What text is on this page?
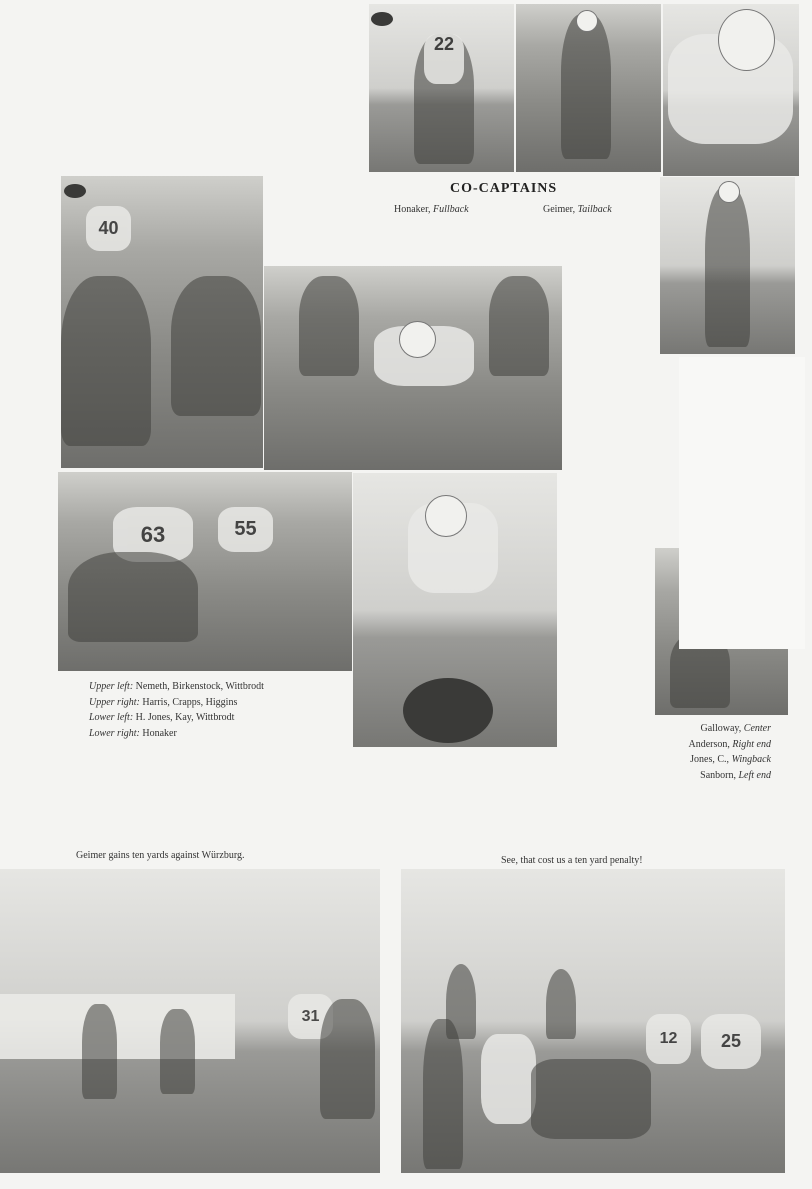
22
CO-CAPTAINS
Honaker, Fullback	Geimer, Tailback
40
63	55
Upper left: Nemeth, Birkenstock, Wittbrodt
Upper right: Harris, Crapps, Higgins
Lower left: H. Jones, Kay, Wittbrodt
Lower right: Honaker	Galloway, Center
Anderson, Right end
Jones, C., Wingback
Sanborn, Left end
Geimer gains ten yards against Würzburg.	See, that cost us a ten yard penalty!
31
25
12
